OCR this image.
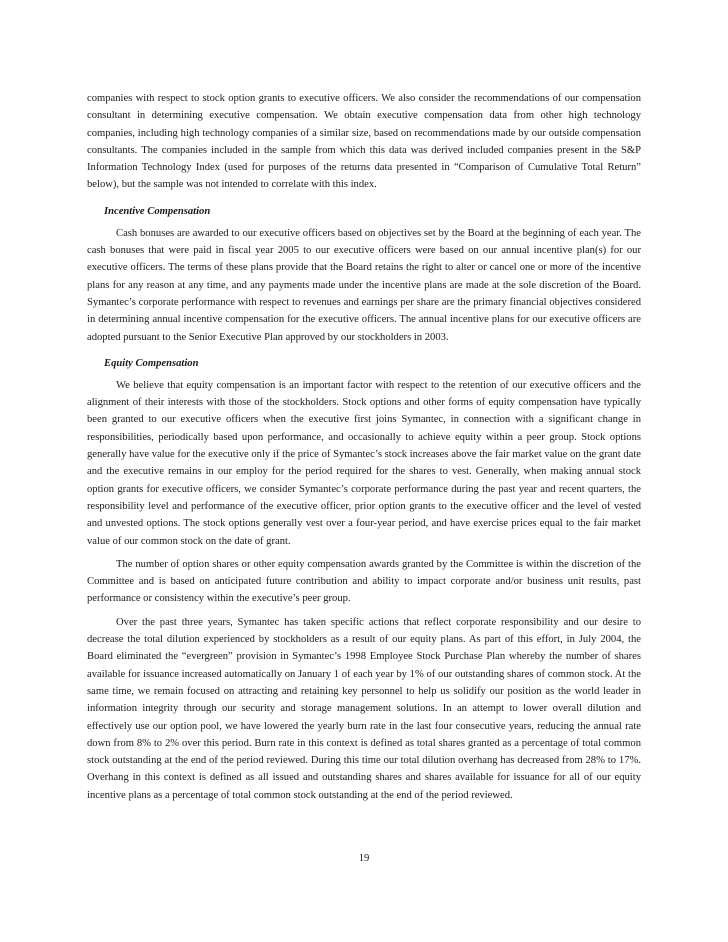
companies with respect to stock option grants to executive officers. We also consider the recommendations of our compensation consultant in determining executive compensation. We obtain executive compensation data from other high technology companies, including high technology companies of a similar size, based on recommendations made by our outside compensation consultants. The companies included in the sample from which this data was derived included companies present in the S&P Information Technology Index (used for purposes of the returns data presented in “Comparison of Cumulative Total Return” below), but the sample was not intended to correlate with this index.

Incentive Compensation

Cash bonuses are awarded to our executive officers based on objectives set by the Board at the beginning of each year. The cash bonuses that were paid in fiscal year 2005 to our executive officers were based on our annual incentive plan(s) for our executive officers. The terms of these plans provide that the Board retains the right to alter or cancel one or more of the incentive plans for any reason at any time, and any payments made under the incentive plans are made at the sole discretion of the Board. Symantec’s corporate performance with respect to revenues and earnings per share are the primary financial objectives considered in determining annual incentive compensation for the executive officers. The annual incentive plans for our executive officers are adopted pursuant to the Senior Executive Plan approved by our stockholders in 2003.

Equity Compensation

We believe that equity compensation is an important factor with respect to the retention of our executive officers and the alignment of their interests with those of the stockholders. Stock options and other forms of equity compensation have typically been granted to our executive officers when the executive first joins Symantec, in connection with a significant change in responsibilities, periodically based upon performance, and occasionally to achieve equity within a peer group. Stock options generally have value for the executive only if the price of Symantec’s stock increases above the fair market value on the grant date and the executive remains in our employ for the period required for the shares to vest. Generally, when making annual stock option grants for executive officers, we consider Symantec’s corporate performance during the past year and recent quarters, the responsibility level and performance of the executive officer, prior option grants to the executive officer and the level of vested and unvested options. The stock options generally vest over a four-year period, and have exercise prices equal to the fair market value of our common stock on the date of grant.

The number of option shares or other equity compensation awards granted by the Committee is within the discretion of the Committee and is based on anticipated future contribution and ability to impact corporate and/or business unit results, past performance or consistency within the executive’s peer group.

Over the past three years, Symantec has taken specific actions that reflect corporate responsibility and our desire to decrease the total dilution experienced by stockholders as a result of our equity plans. As part of this effort, in July 2004, the Board eliminated the “evergreen” provision in Symantec’s 1998 Employee Stock Purchase Plan whereby the number of shares available for issuance increased automatically on January 1 of each year by 1% of our outstanding shares of common stock. At the same time, we remain focused on attracting and retaining key personnel to help us solidify our position as the world leader in information integrity through our security and storage management solutions. In an attempt to lower overall dilution and effectively use our option pool, we have lowered the yearly burn rate in the last four consecutive years, reducing the annual rate down from 8% to 2% over this period. Burn rate in this context is defined as total shares granted as a percentage of total common stock outstanding at the end of the period reviewed. During this time our total dilution overhang has decreased from 28% to 17%. Overhang in this context is defined as all issued and outstanding shares and shares available for issuance for all of our equity incentive plans as a percentage of total common stock outstanding at the end of the period reviewed.

19
